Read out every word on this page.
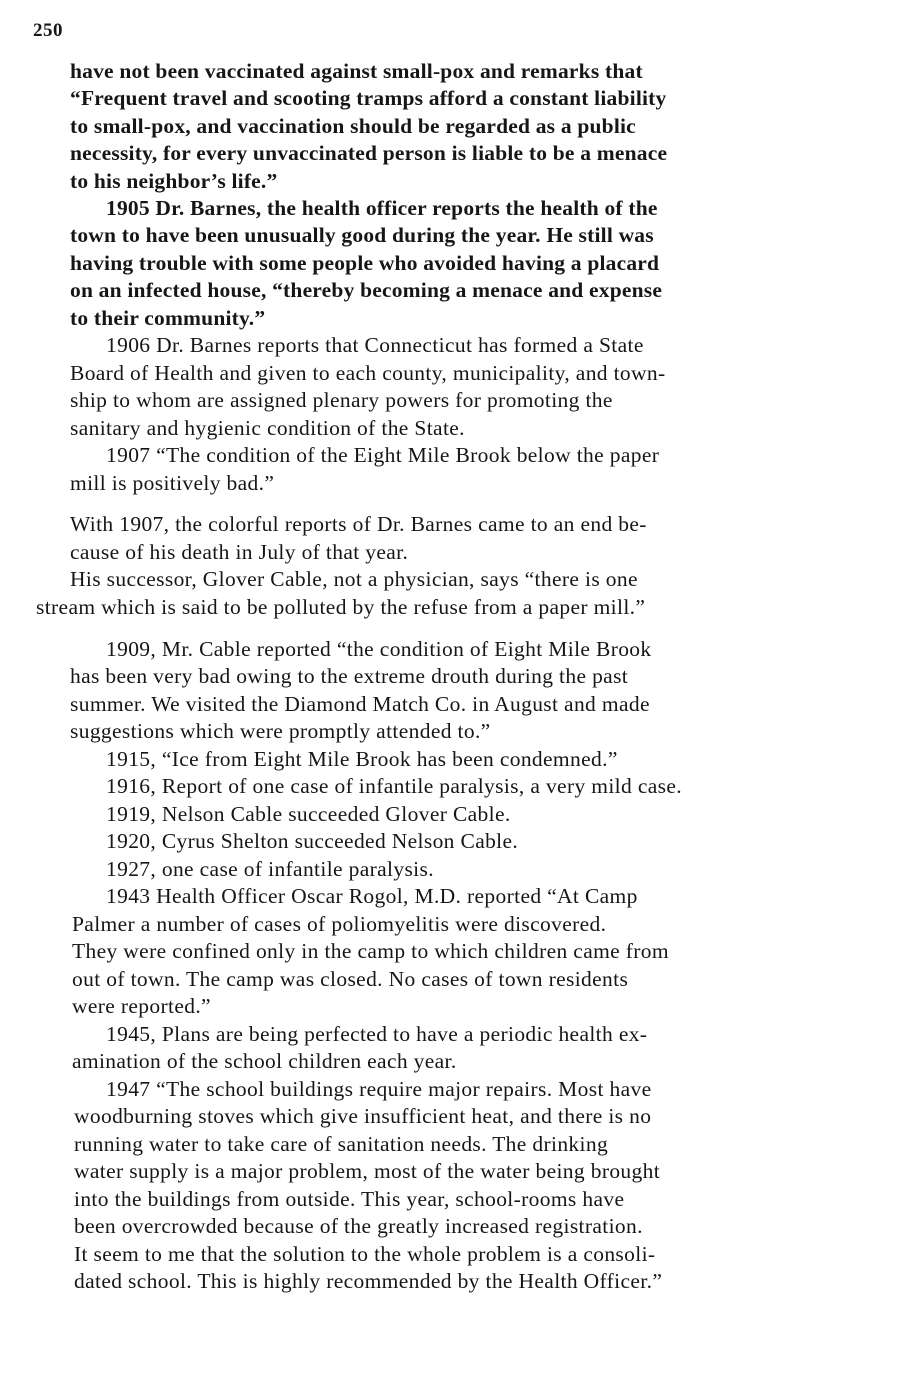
250
have not been vaccinated against small-pox and remarks that
“Frequent travel and scooting tramps afford a constant liability
to small-pox, and vaccination should be regarded as a public
necessity, for every unvaccinated person is liable to be a menace
to his neighbor’s life.”
1905 Dr. Barnes, the health officer reports the health of the
town to have been unusually good during the year. He still was
having trouble with some people who avoided having a placard
on an infected house, “thereby becoming a menace and expense
to their community.”
1906 Dr. Barnes reports that Connecticut has formed a State
Board of Health and given to each county, municipality, and town-
ship to whom are assigned plenary powers for promoting the
sanitary and hygienic condition of the State.
1907 “The condition of the Eight Mile Brook below the paper
mill is positively bad.”
With 1907, the colorful reports of Dr. Barnes came to an end be-
cause of his death in July of that year.
His successor, Glover Cable, not a physician, says “there is one
stream which is said to be polluted by the refuse from a paper mill.”
1909, Mr. Cable reported “the condition of Eight Mile Brook
has been very bad owing to the extreme drouth during the past
summer. We visited the Diamond Match Co. in August and made
suggestions which were promptly attended to.”
1915, “Ice from Eight Mile Brook has been condemned.”
1916, Report of one case of infantile paralysis, a very mild case.
1919, Nelson Cable succeeded Glover Cable.
1920, Cyrus Shelton succeeded Nelson Cable.
1927, one case of infantile paralysis.
1943 Health Officer Oscar Rogol, M.D. reported “At Camp
Palmer a number of cases of poliomyelitis were discovered.
They were confined only in the camp to which children came from
out of town. The camp was closed. No cases of town residents
were reported.”
1945, Plans are being perfected to have a periodic health ex-
amination of the school children each year.
1947 “The school buildings require major repairs. Most have
woodburning stoves which give insufficient heat, and there is no
running water to take care of sanitation needs. The drinking
water supply is a major problem, most of the water being brought
into the buildings from outside. This year, school-rooms have
been overcrowded because of the greatly increased registration.
It seem to me that the solution to the whole problem is a consoli-
dated school. This is highly recommended by the Health Officer.”
